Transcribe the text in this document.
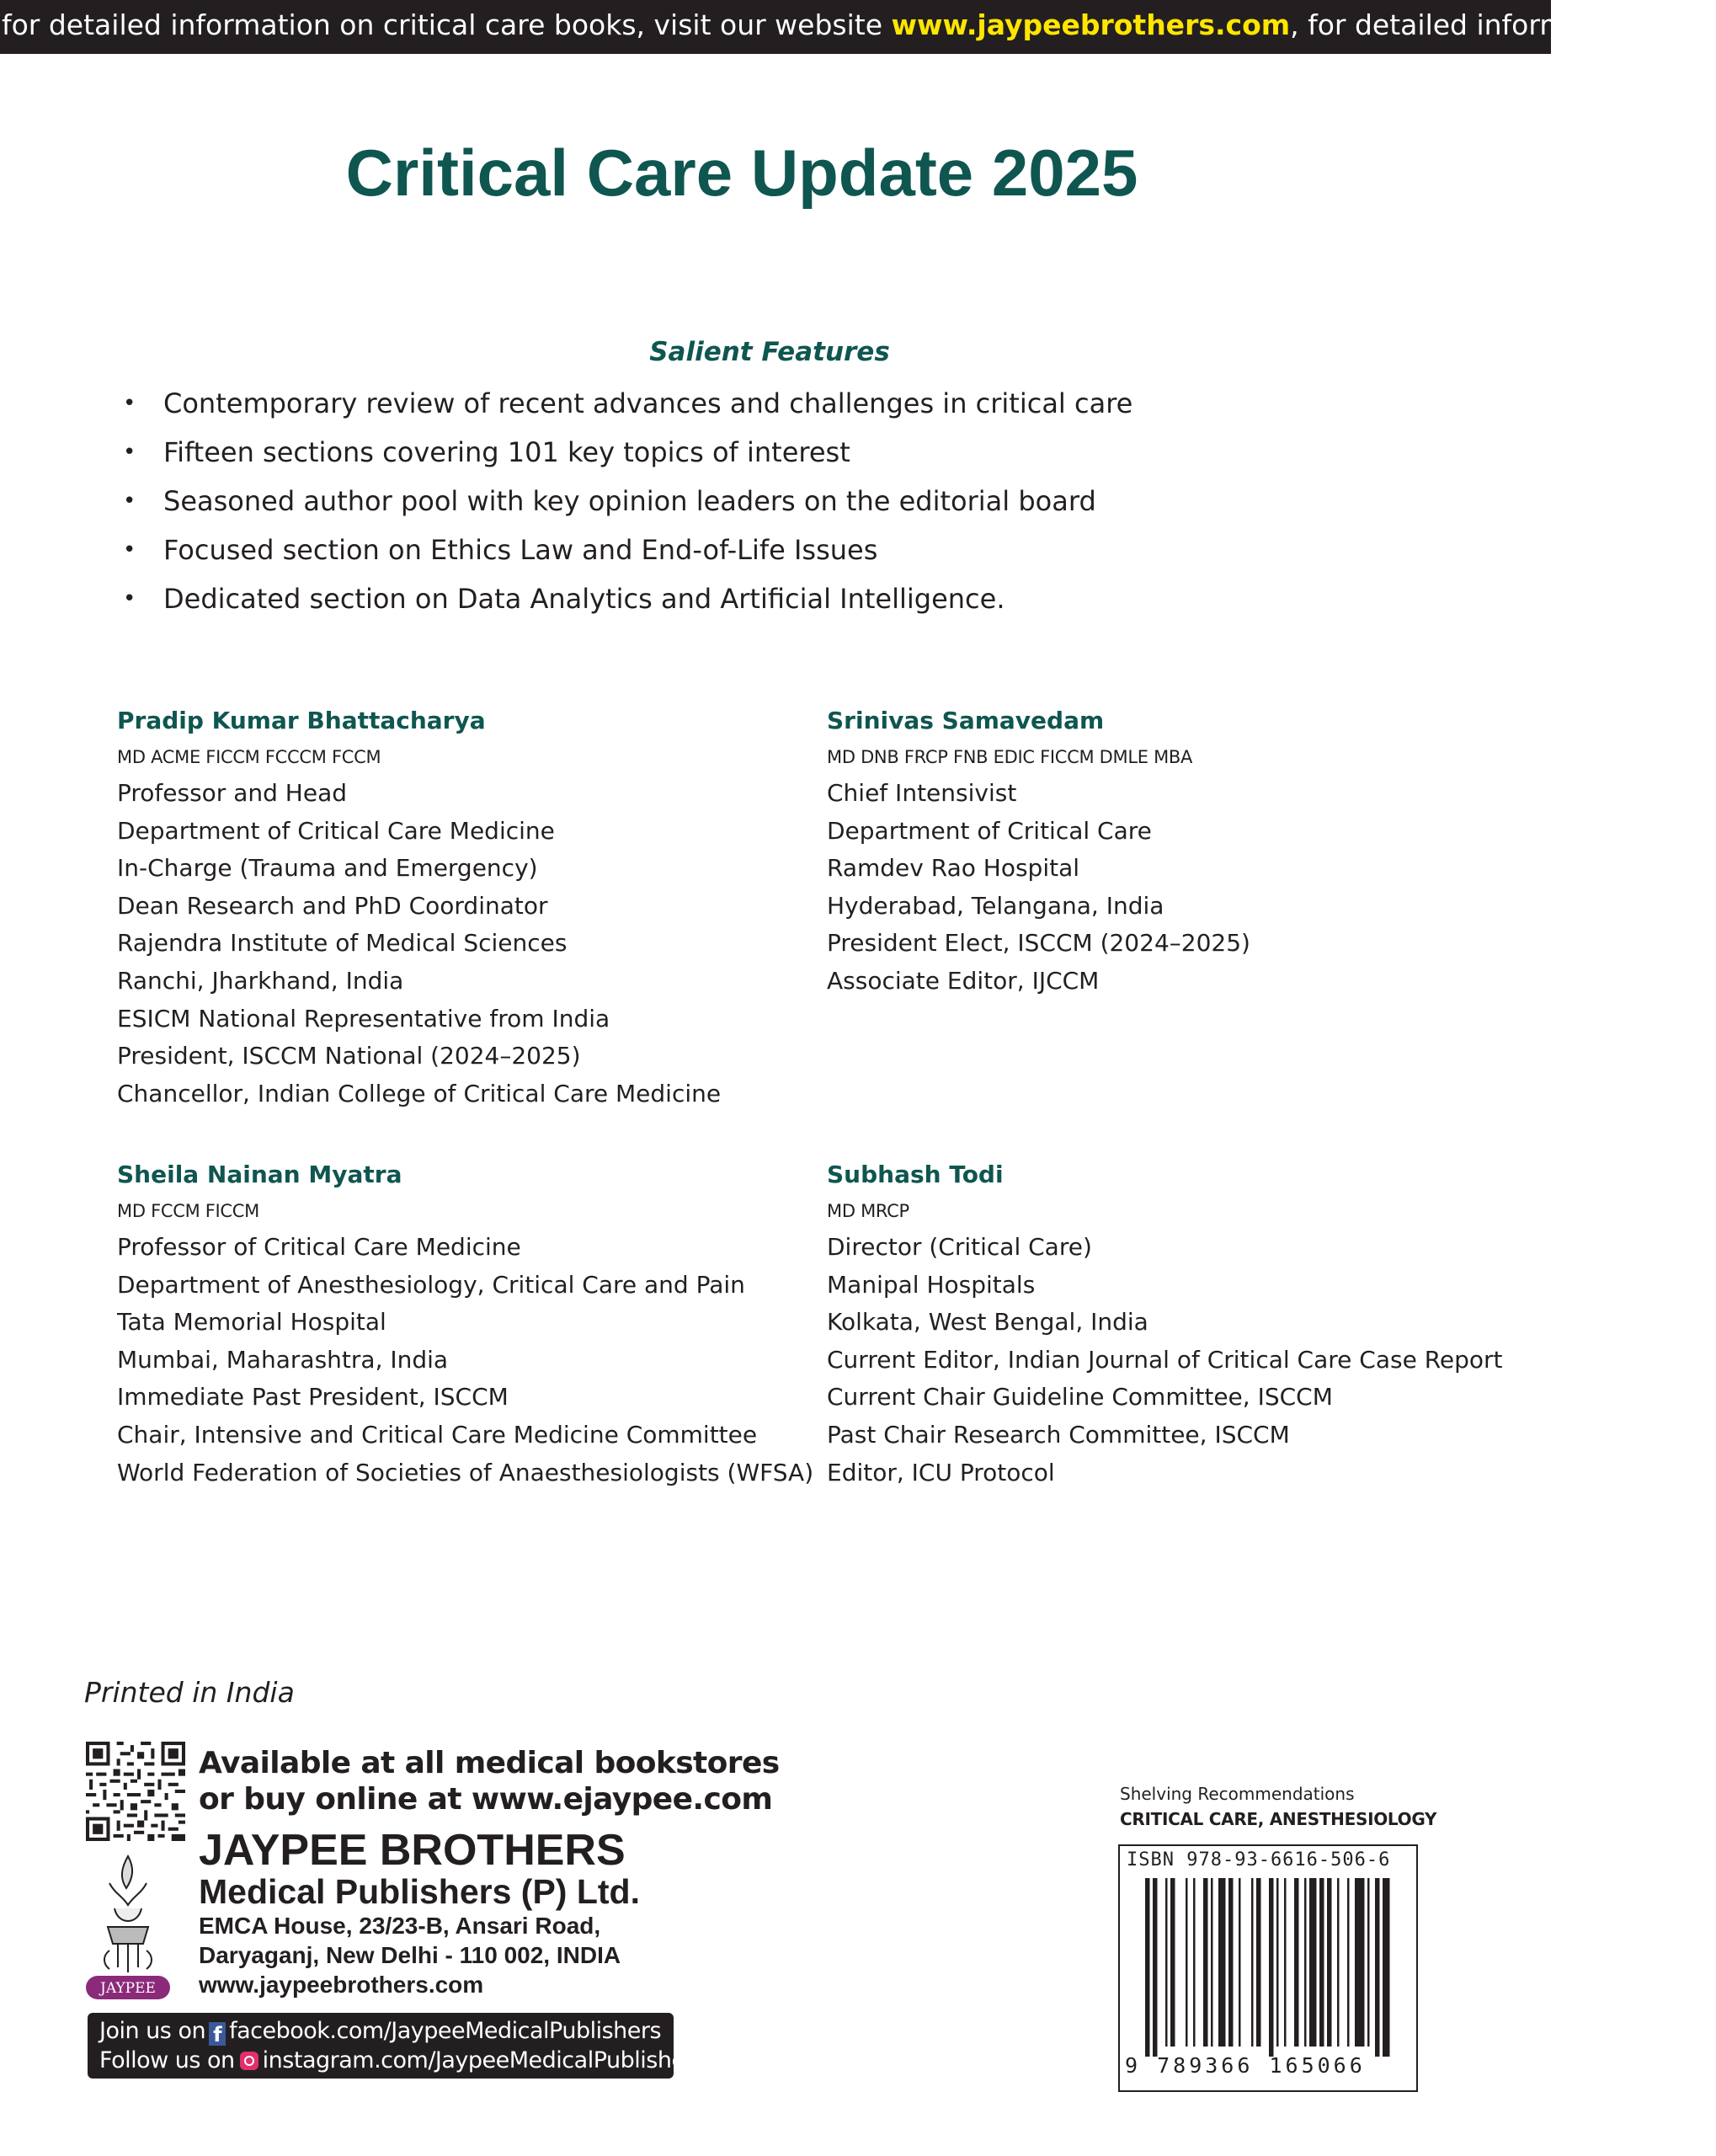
for detailed information on critical care books, visit our website www.jaypeebrothers.com, for detailed information on cr
Critical Care Update 2025
Salient Features
• Contemporary review of recent advances and challenges in critical care
• Fifteen sections covering 101 key topics of interest
• Seasoned author pool with key opinion leaders on the editorial board
• Focused section on Ethics Law and End-of-Life Issues
• Dedicated section on Data Analytics and Artificial Intelligence.
Pradip Kumar Bhattacharya
MD ACME FICCM FCCCM FCCM
Professor and Head
Department of Critical Care Medicine
In-Charge (Trauma and Emergency)
Dean Research and PhD Coordinator
Rajendra Institute of Medical Sciences
Ranchi, Jharkhand, India
ESICM National Representative from India
President, ISCCM National (2024–2025)
Chancellor, Indian College of Critical Care Medicine
Srinivas Samavedam
MD DNB FRCP FNB EDIC FICCM DMLE MBA
Chief Intensivist
Department of Critical Care
Ramdev Rao Hospital
Hyderabad, Telangana, India
President Elect, ISCCM (2024–2025)
Associate Editor, IJCCM
Sheila Nainan Myatra
MD FCCM FICCM
Professor of Critical Care Medicine
Department of Anesthesiology, Critical Care and Pain
Tata Memorial Hospital
Mumbai, Maharashtra, India
Immediate Past President, ISCCM
Chair, Intensive and Critical Care Medicine Committee
World Federation of Societies of Anaesthesiologists (WFSA)
Subhash Todi
MD MRCP
Director (Critical Care)
Manipal Hospitals
Kolkata, West Bengal, India
Current Editor, Indian Journal of Critical Care Case Report
Current Chair Guideline Committee, ISCCM
Past Chair Research Committee, ISCCM
Editor, ICU Protocol
Printed in India
JAYPEE
Available at all medical bookstores
or buy online at www.ejaypee.com
JAYPEE BROTHERS
Medical Publishers (P) Ltd.
EMCA House, 23/23-B, Ansari Road,
Daryaganj, New Delhi - 110 002, INDIA
www.jaypeebrothers.com
Join us on f facebook.com/JaypeeMedicalPublishers
Follow us on instagram.com/JaypeeMedicalPublishers
Shelving Recommendations
CRITICAL CARE, ANESTHESIOLOGY
ISBN 978-93-6616-506-6
9 789366 165066
